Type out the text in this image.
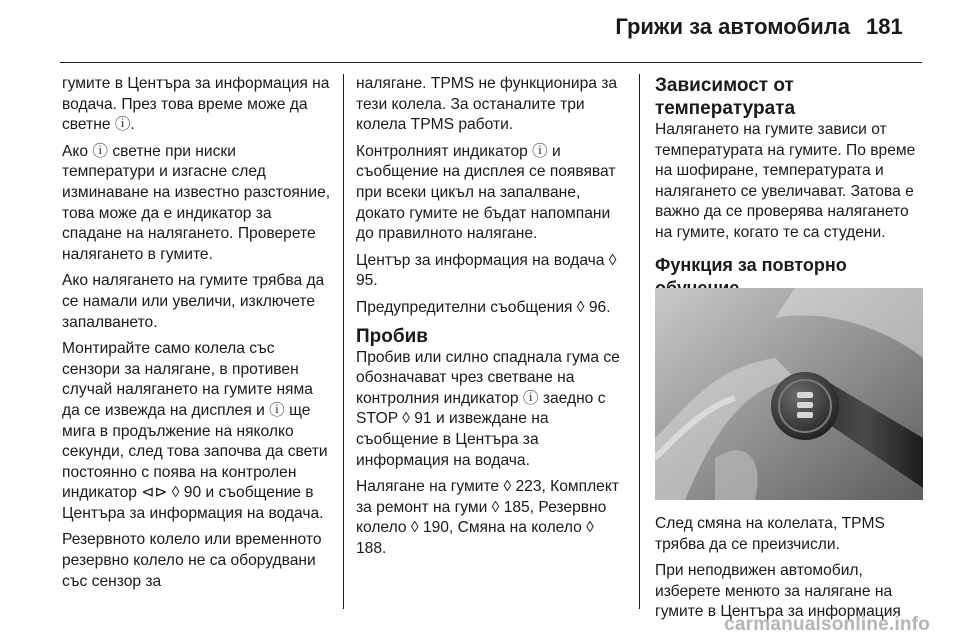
Грижи за автомобила 181

гумите в Центъра за информация на водача. През това време може да светне ⓘ.

Ако ⓘ светне при ниски температури и изгасне след изминаване на известно разстояние, това може да е индикатор за спадане на налягането. Проверете налягането в гумите.

Ако налягането на гумите трябва да се намали или увеличи, изключете запалването.

Монтирайте само колела със сензори за налягане, в противен случай налягането на гумите няма да се извежда на дисплея и ⓘ ще мига в продължение на няколко секунди, след това започва да свети постоянно с поява на контролен индикатор ⊲⊳ ◊ 90 и съобщение в Центъра за информация на водача.

Резервното колело или временното резервно колело не са оборудвани със сензор за

налягане. TPMS не функционира за тези колела. За останалите три колела TPMS работи.

Контролният индикатор ⓘ и съобщение на дисплея се появяват при всеки цикъл на запалване, докато гумите не бъдат напомпани до правилното налягане.

Център за информация на водача ◊ 95.

Предупредителни съобщения ◊ 96.

Пробив

Пробив или силно спаднала гума се обозначават чрез светване на контролния индикатор ⓘ заедно с STOP ◊ 91 и извеждане на съобщение в Центъра за информация на водача.

Налягане на гумите ◊ 223, Комплект за ремонт на гуми ◊ 185, Резервно колело ◊ 190, Смяна на колело ◊ 188.

Зависимост от температурата

Налягането на гумите зависи от температурата на гумите. По време на шофиране, температурата и налягането се увеличават. Затова е важно да се проверява налягането на гумите, когато те са студени.

Функция за повторно

След смяна на колелата, TPMS трябва да се преизчисли.

При неподвижен автомобил, изберете менюто за налягане на гумите в Центъра за информация

carmanualsonline.info
